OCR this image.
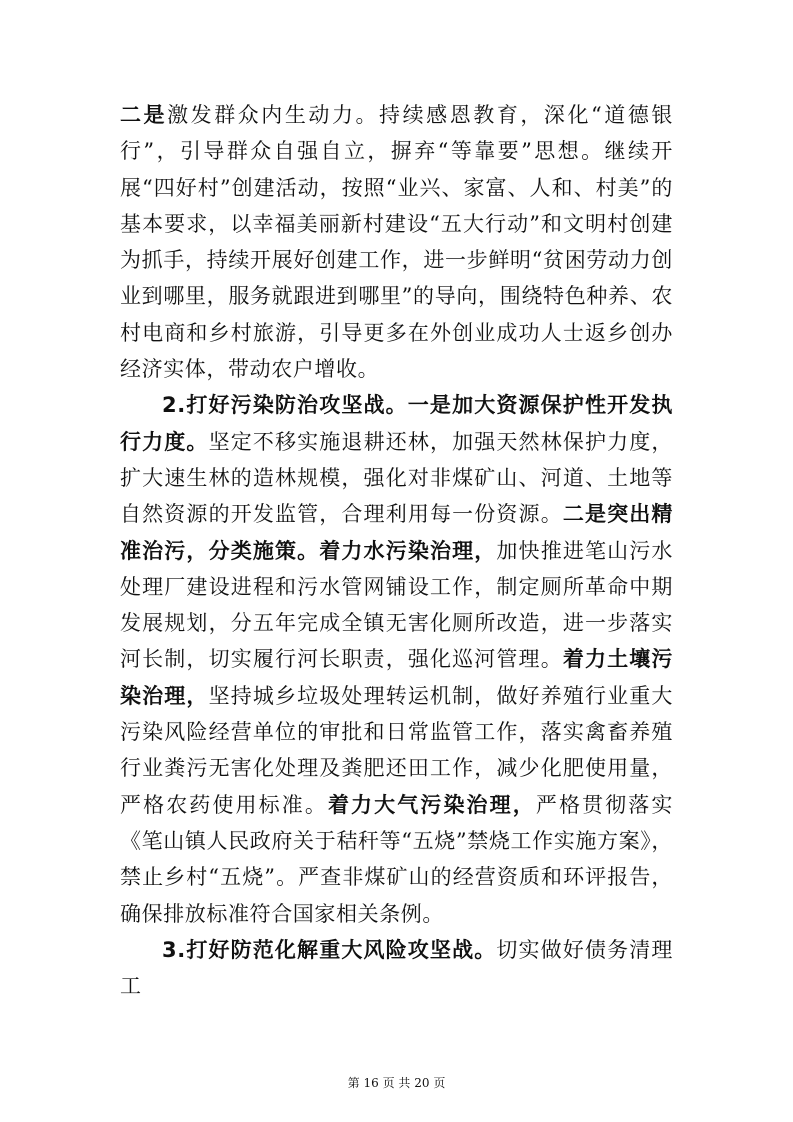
二是激发群众内生动力。持续感恩教育，深化“道德银行”，引导群众自强自立，摒弃“等靠要”思想。继续开展“四好村”创建活动，按照“业兴、家富、人和、村美”的基本要求，以幸福美丽新村建设“五大行动”和文明村创建为抓手，持续开展好创建工作，进一步鲜明“贫困劳动力创业到哪里，服务就跟进到哪里”的导向，围绕特色种养、农村电商和乡村旅游，引导更多在外创业成功人士返乡创办经济实体，带动农户增收。

2.打好污染防治攻坚战。一是加大资源保护性开发执行力度。坚定不移实施退耕还林，加强天然林保护力度，扩大速生林的造林规模，强化对非煤矿山、河道、土地等自然资源的开发监管，合理利用每一份资源。二是突出精准治污，分类施策。着力水污染治理，加快推进笔山污水处理厂建设进程和污水管网铺设工作，制定厕所革命中期发展规划，分五年完成全镇无害化厕所改造，进一步落实河长制，切实履行河长职责，强化巡河管理。着力土壤污染治理，坚持城乡垃圾处理转运机制，做好养殖行业重大污染风险经营单位的审批和日常监管工作，落实禽畜养殖行业粪污无害化处理及粪肥还田工作，减少化肥使用量，严格农药使用标准。着力大气污染治理，严格贯彻落实《笔山镇人民政府关于秸秆等“五烧”禁烧工作实施方案》，禁止乡村“五烧”。严查非煤矿山的经营资质和环评报告，确保排放标准符合国家相关条例。

3.打好防范化解重大风险攻坚战。切实做好债务清理工

第 16 页 共 20 页
